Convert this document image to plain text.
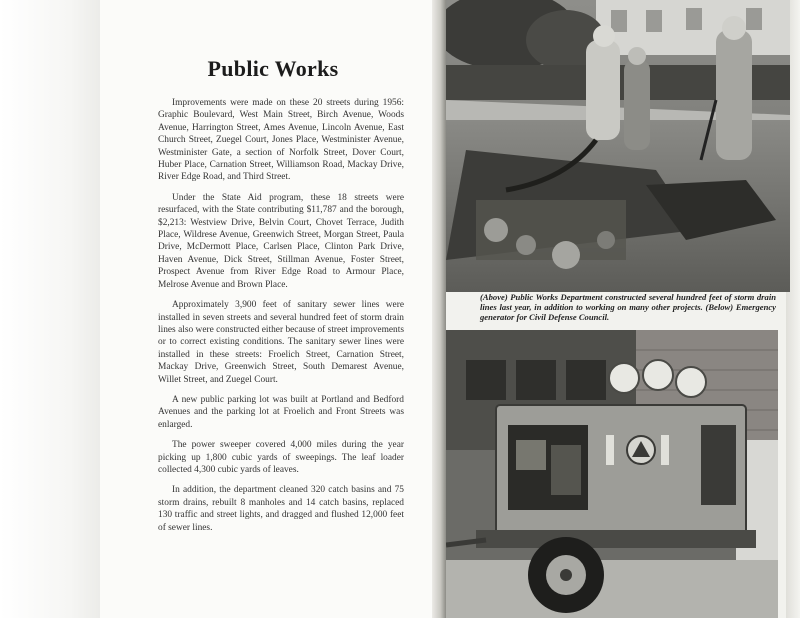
Public Works

Improvements were made on these 20 streets during 1956: Graphic Boulevard, West Main Street, Birch Avenue, Woods Avenue, Harrington Street, Ames Avenue, Lincoln Avenue, East Church Street, Zuegel Court, Jones Place, Westminister Avenue, Westminister Gate, a section of Norfolk Street, Dover Court, Huber Place, Carnation Street, Williamson Road, Mackay Drive, River Edge Road, and Third Street.

Under the State Aid program, these 18 streets were resurfaced, with the State contributing $11,787 and the borough, $2,213: Westview Drive, Belvin Court, Chovet Terrace, Judith Place, Wildrese Avenue, Greenwich Street, Morgan Street, Paula Drive, McDermott Place, Carlsen Place, Clinton Park Drive, Haven Avenue, Dick Street, Stillman Avenue, Foster Street, Prospect Avenue from River Edge Road to Armour Place, Melrose Avenue and Brown Place.

Approximately 3,900 feet of sanitary sewer lines were installed in seven streets and several hundred feet of storm drain lines also were constructed either because of street improvements or to correct existing conditions. The sanitary sewer lines were installed in these streets: Froelich Street, Carnation Street, Mackay Drive, Greenwich Street, South Demarest Avenue, Willet Street, and Zuegel Court.

A new public parking lot was built at Portland and Bedford Avenues and the parking lot at Froelich and Front Streets was enlarged.

The power sweeper covered 4,000 miles during the year picking up 1,800 cubic yards of sweepings. The leaf loader collected 4,300 cubic yards of leaves.

In addition, the department cleaned 320 catch basins and 75 storm drains, rebuilt 8 manholes and 14 catch basins, replaced 130 traffic and street lights, and dragged and flushed 12,000 feet of sewer lines.

(Above) Public Works Department constructed several hundred feet of storm drain lines last year, in addition to working on many other projects. (Below) Emergency generator for Civil Defense Council.
